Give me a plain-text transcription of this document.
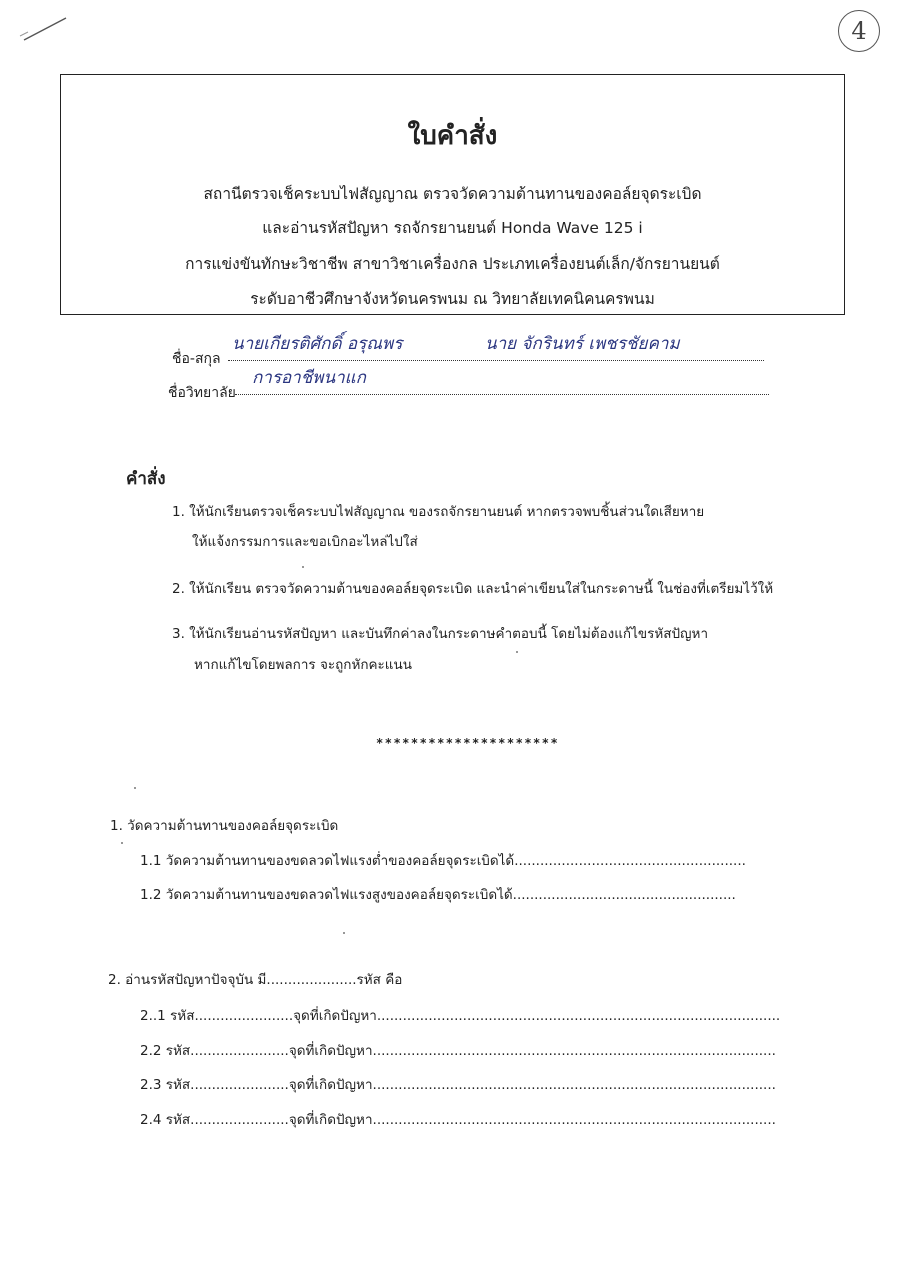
4
ใบคำสั่ง
สถานีตรวจเช็คระบบไฟสัญญาณ ตรวจวัดความต้านทานของคอล์ยจุดระเบิด
และอ่านรหัสปัญหา รถจักรยานยนต์ Honda Wave 125 i
การแข่งขันทักษะวิชาชีพ สาขาวิชาเครื่องกล ประเภทเครื่องยนต์เล็ก/จักรยานยนต์
ระดับอาชีวศึกษาจังหวัดนครพนม ณ วิทยาลัยเทคนิคนครพนม
ชื่อ-สกุล
นายเกียรติศักดิ์ อรุณพร	นาย จักรินทร์ เพชรชัยคาม
ชื่อวิทยาลัย
การอาชีพนาแก
คำสั่ง
1. ให้นักเรียนตรวจเช็คระบบไฟสัญญาณ ของรถจักรยานยนต์ หากตรวจพบชิ้นส่วนใดเสียหาย
ให้แจ้งกรรมการและขอเบิกอะไหล่ไปใส่
2. ให้นักเรียน ตรวจวัดความต้านของคอล์ยจุดระเบิด และนำค่าเขียนใส่ในกระดาษนี้ ในช่องที่เตรียมไว้ให้
3. ให้นักเรียนอ่านรหัสปัญหา และบันทึกค่าลงในกระดาษคำตอบนี้ โดยไม่ต้องแก้ไขรหัสปัญหา
หากแก้ไขโดยพลการ จะถูกหักคะแนน
*********************
1. วัดความต้านทานของคอล์ยจุดระเบิด
1.1 วัดความต้านทานของขดลวดไฟแรงต่ำของคอล์ยจุดระเบิดได้......................................................
1.2 วัดความต้านทานของขดลวดไฟแรงสูงของคอล์ยจุดระเบิดได้....................................................
2. อ่านรหัสปัญหาปัจจุบัน มี.....................รหัส คือ
2..1 รหัส.......................จุดที่เกิดปัญหา..............................................................................................
2.2 รหัส.......................จุดที่เกิดปัญหา..............................................................................................
2.3 รหัส.......................จุดที่เกิดปัญหา..............................................................................................
2.4 รหัส.......................จุดที่เกิดปัญหา..............................................................................................
